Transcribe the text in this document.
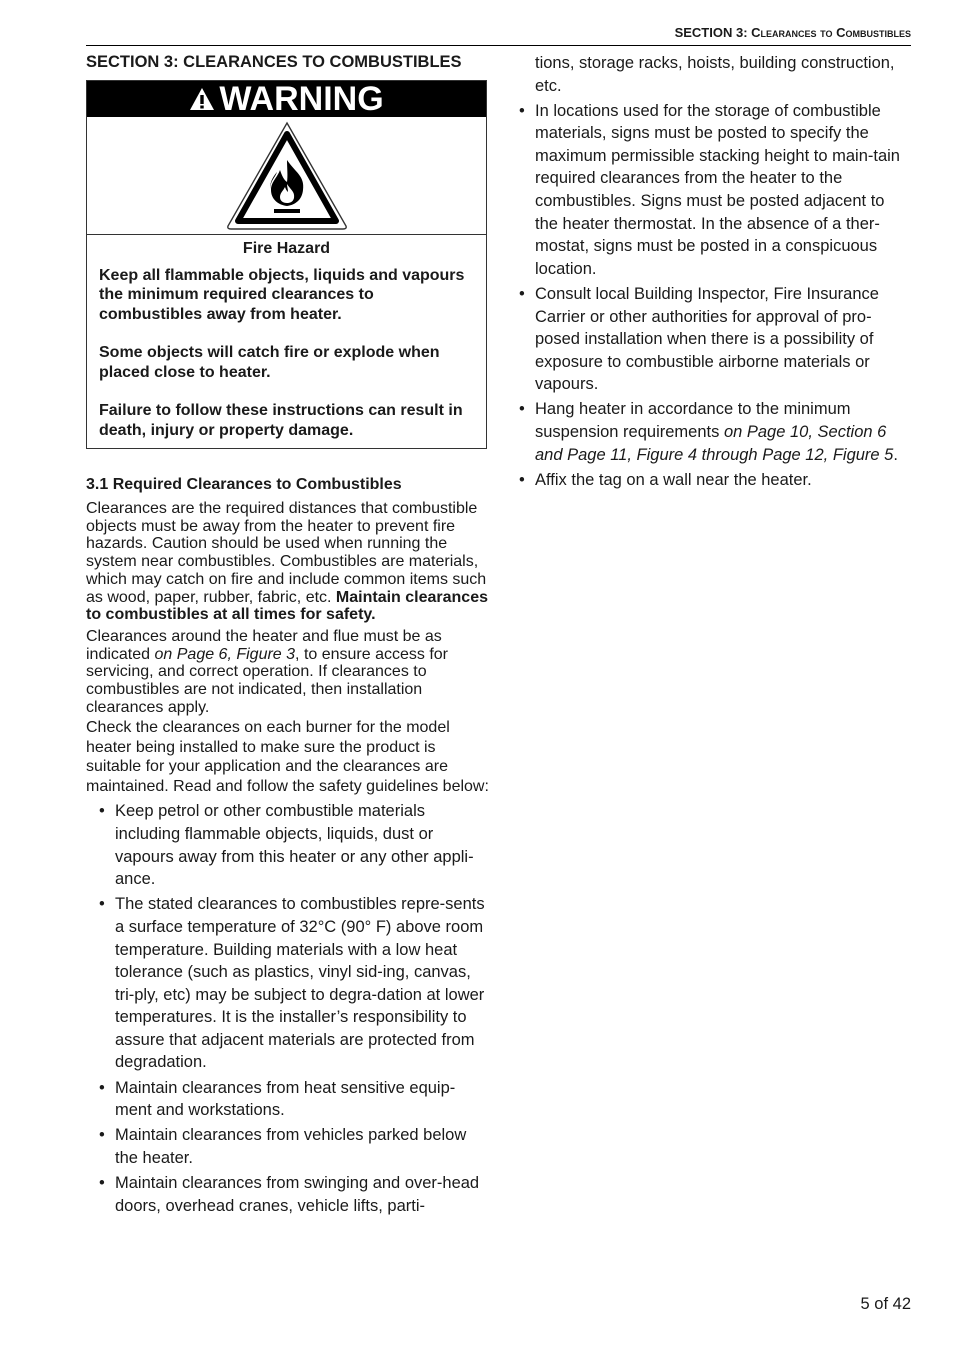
SECTION 3: Clearances to Combustibles
SECTION 3: CLEARANCES TO COMBUSTIBLES
WARNING
Fire Hazard

Keep all flammable objects, liquids and vapours the minimum required clearances to combustibles away from heater.

Some objects will catch fire or explode when placed close to heater.

Failure to follow these instructions can result in death, injury or property damage.

3.1 Required Clearances to Combustibles

Clearances are the required distances that combustible objects must be away from the heater to prevent fire hazards. Caution should be used when running the system near combustibles. Combustibles are materials, which may catch on fire and include common items such as wood, paper, rubber, fabric, etc. Maintain clearances to combustibles at all times for safety.

Clearances around the heater and flue must be as indicated on Page 6, Figure 3, to ensure access for servicing, and correct operation. If clearances to combustibles are not indicated, then installation clearances apply.

Check the clearances on each burner for the model heater being installed to make sure the product is suitable for your application and the clearances are maintained. Read and follow the safety guidelines below:

• Keep petrol or other combustible materials including flammable objects, liquids, dust or vapours away from this heater or any other appli-ance.
• The stated clearances to combustibles repre-sents a surface temperature of 32°C (90° F) above room temperature. Building materials with a low heat tolerance (such as plastics, vinyl sid-ing, canvas, tri-ply, etc) may be subject to degra-dation at lower temperatures. It is the installer’s responsibility to assure that adjacent materials are protected from degradation.
• Maintain clearances from heat sensitive equip-ment and workstations.
• Maintain clearances from vehicles parked below the heater.
• Maintain clearances from swinging and over-head doors, overhead cranes, vehicle lifts, parti-

tions, storage racks, hoists, building construction, etc.

• In locations used for the storage of combustible materials, signs must be posted to specify the maximum permissible stacking height to main-tain required clearances from the heater to the combustibles. Signs must be posted adjacent to the heater thermostat. In the absence of a ther-mostat, signs must be posted in a conspicuous location.
• Consult local Building Inspector, Fire Insurance Carrier or other authorities for approval of pro-posed installation when there is a possibility of exposure to combustible airborne materials or vapours.
• Hang heater in accordance to the minimum suspension requirements on Page 10, Section 6 and Page 11, Figure 4 through Page 12, Figure 5.
• Affix the tag on a wall near the heater.
5 of 42
